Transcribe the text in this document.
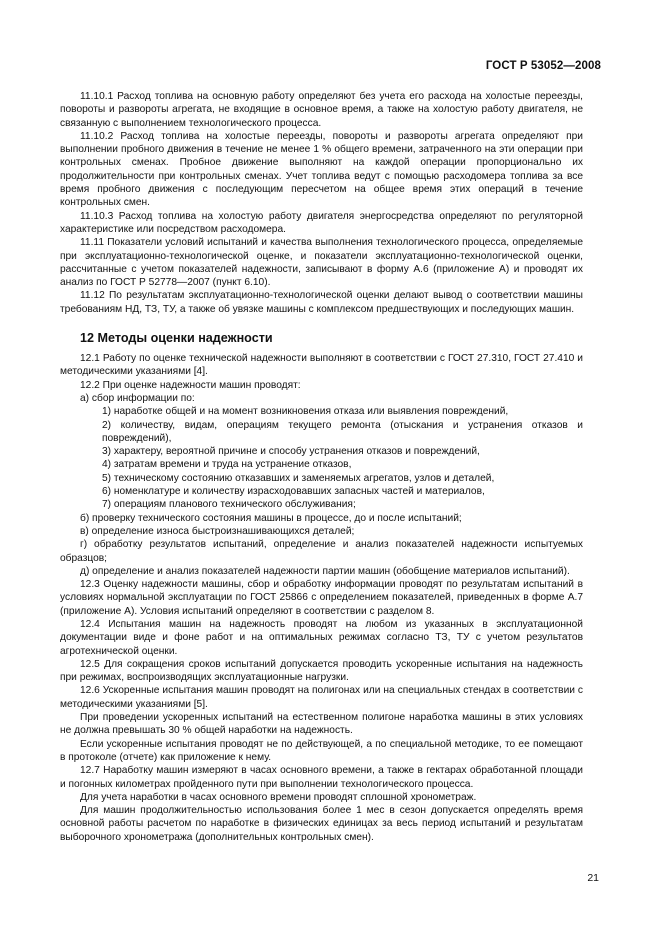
ГОСТ Р 53052—2008

11.10.1 Расход топлива на основную работу определяют без учета его расхода на холостые переезды, повороты и развороты агрегата, не входящие в основное время, а также на холостую работу двигателя, не связанную с выполнением технологического процесса.

11.10.2 Расход топлива на холостые переезды, повороты и развороты агрегата определяют при выполнении пробного движения в течение не менее 1 % общего времени, затраченного на эти операции при контрольных сменах. Пробное движение выполняют на каждой операции пропорционально их продолжительности при контрольных сменах. Учет топлива ведут с помощью расходомера топлива за все время пробного движения с последующим пересчетом на общее время этих операций в течение контрольных смен.

11.10.3 Расход топлива на холостую работу двигателя энергосредства определяют по регуляторной характеристике или посредством расходомера.

11.11 Показатели условий испытаний и качества выполнения технологического процесса, определяемые при эксплуатационно-технологической оценке, и показатели эксплуатационно-технологической оценки, рассчитанные с учетом показателей надежности, записывают в форму А.6 (приложение А) и проводят их анализ по ГОСТ Р 52778—2007 (пункт 6.10).

11.12 По результатам эксплуатационно-технологической оценки делают вывод о соответствии машины требованиям НД, ТЗ, ТУ, а также об увязке машины с комплексом предшествующих и последующих машин.

12 Методы оценки надежности

12.1 Работу по оценке технической надежности выполняют в соответствии с ГОСТ 27.310, ГОСТ 27.410 и методическими указаниями [4].

12.2 При оценке надежности машин проводят:

а) сбор информации по:

1) наработке общей и на момент возникновения отказа или выявления повреждений,

2) количеству, видам, операциям текущего ремонта (отыскания и устранения отказов и повреждений),

3) характеру, вероятной причине и способу устранения отказов и повреждений,

4) затратам времени и труда на устранение отказов,

5) техническому состоянию отказавших и заменяемых агрегатов, узлов и деталей,

6) номенклатуре и количеству израсходовавших запасных частей и материалов,

7) операциям планового технического обслуживания;

б) проверку технического состояния машины в процессе, до и после испытаний;

в) определение износа быстроизнашивающихся деталей;

г) обработку результатов испытаний, определение и анализ показателей надежности испытуемых образцов;

д) определение и анализ показателей надежности партии машин (обобщение материалов испытаний).

12.3 Оценку надежности машины, сбор и обработку информации проводят по результатам испытаний в условиях нормальной эксплуатации по ГОСТ 25866 с определением показателей, приведенных в форме А.7 (приложение А). Условия испытаний определяют в соответствии с разделом 8.

12.4 Испытания машин на надежность проводят на любом из указанных в эксплуатационной документации виде и фоне работ и на оптимальных режимах согласно ТЗ, ТУ с учетом результатов агротехнической оценки.

12.5 Для сокращения сроков испытаний допускается проводить ускоренные испытания на надежность при режимах, воспроизводящих эксплуатационные нагрузки.

12.6 Ускоренные испытания машин проводят на полигонах или на специальных стендах в соответствии с методическими указаниями [5].

При проведении ускоренных испытаний на естественном полигоне наработка машины в этих условиях не должна превышать 30 % общей наработки на надежность.

Если ускоренные испытания проводят не по действующей, а по специальной методике, то ее помещают в протоколе (отчете) как приложение к нему.

12.7 Наработку машин измеряют в часах основного времени, а также в гектарах обработанной площади и погонных километрах пройденного пути при выполнении технологического процесса.

Для учета наработки в часах основного времени проводят сплошной хронометраж.

Для машин продолжительностью использования более 1 мес в сезон допускается определять время основной работы расчетом по наработке в физических единицах за весь период испытаний и результатам выборочного хронометража (дополнительных контрольных смен).

21
